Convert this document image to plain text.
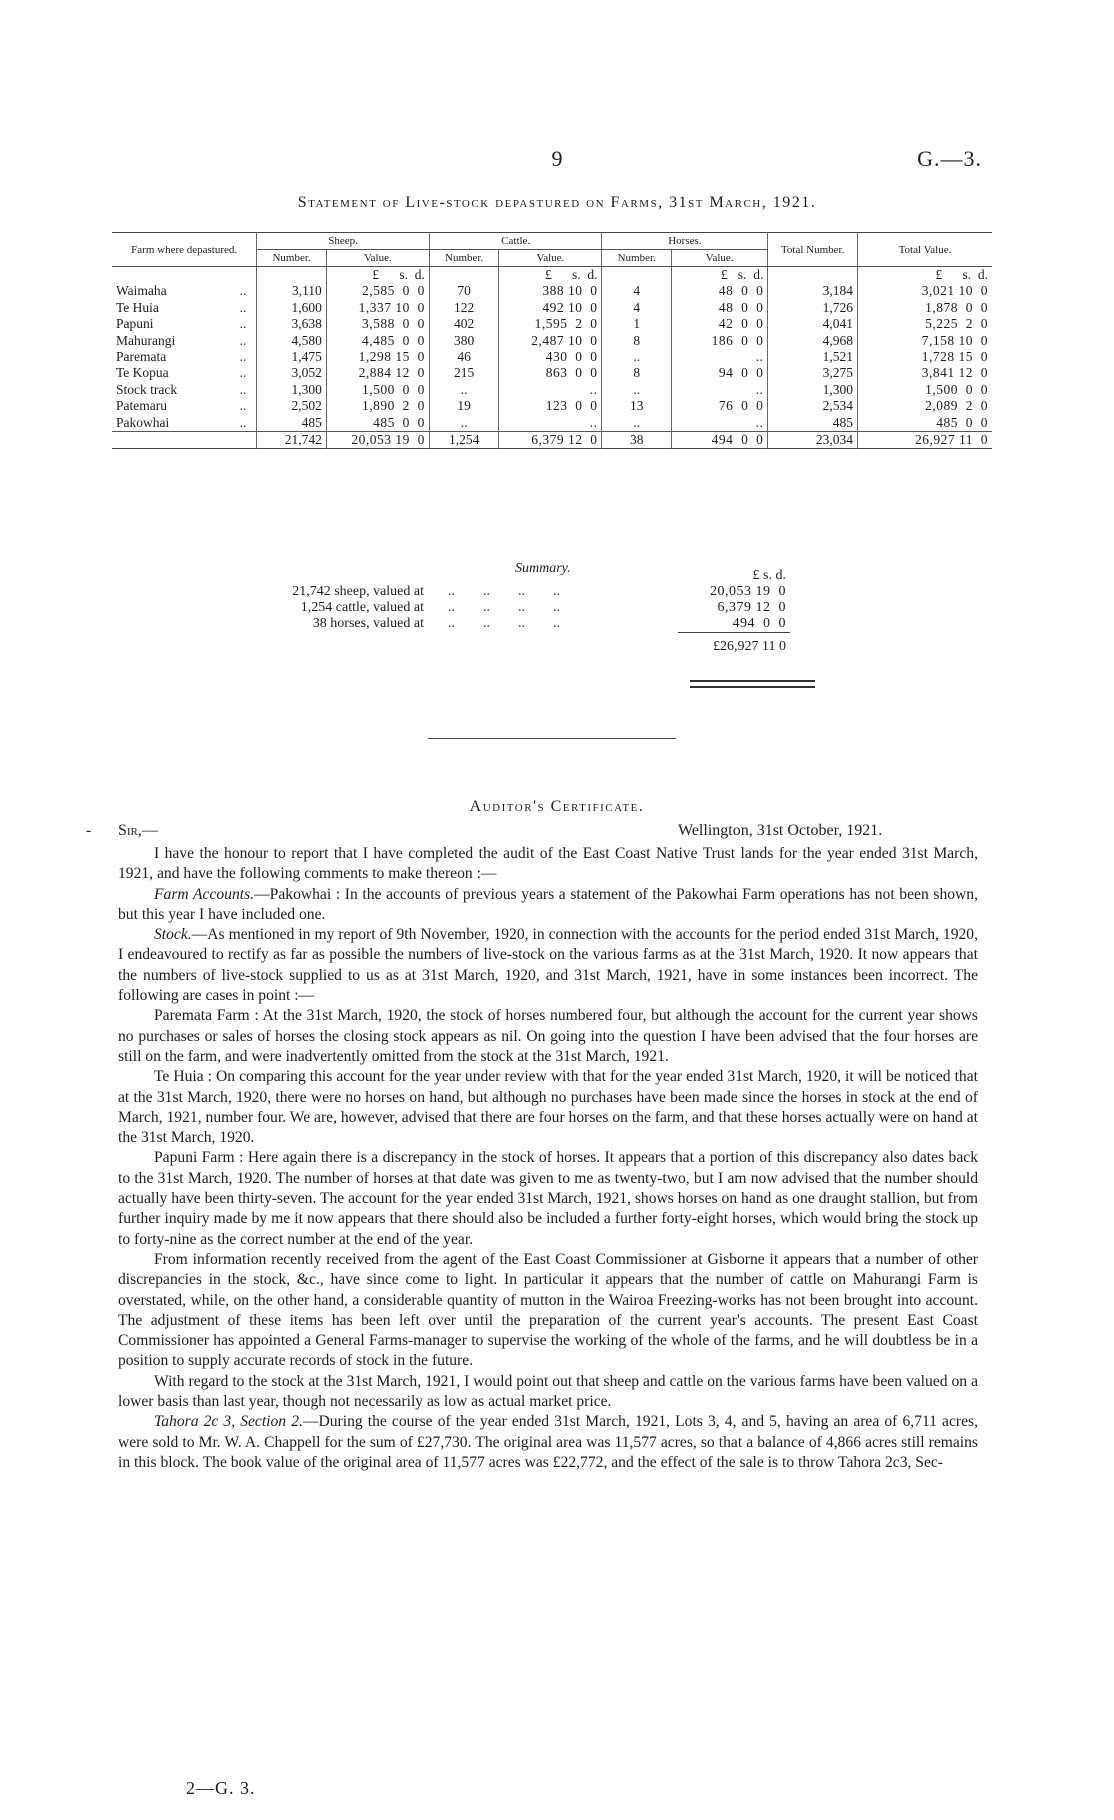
9	G.—3.
Statement of Live-stock depastured on Farms, 31st March, 1921.
Farm where depastured.		Sheep.		Cattle.		Horses.		Total Number.	Total Value.
		Number.	Value.	Number.	Value.	Number.	Value.		
			£ s. d.		£ s. d.		£ s. d.		£ s. d.
Waimaha	..	3,110	2,585  0  0	70	388 10  0	4	48  0  0	3,184	3,021 10  0
Te Huia	..	1,600	1,337 10  0	122	492 10  0	4	48  0  0	1,726	1,878  0  0
Papuni	..	3,638	3,588  0  0	402	1,595  2  0	1	42  0  0	4,041	5,225  2  0
Mahurangi	..	4,580	4,485  0  0	380	2,487 10  0	8	186  0  0	4,968	7,158 10  0
Paremata	..	1,475	1,298 15  0	46	430  0  0	..	..	1,521	1,728 15  0
Te Kopua	..	3,052	2,884 12  0	215	863  0  0	8	94  0  0	3,275	3,841 12  0
Stock track	..	1,300	1,500  0  0	..	..	..	..	1,300	1,500  0  0
Patemaru	..	2,502	1,890  2  0	19	123  0  0	13	76  0  0	2,534	2,089  2  0
Pakowhai	..	485	485  0  0	..	..	..	..	485	485  0  0
		21,742	20,053 19  0	1,254	6,379 12  0	38	494  0  0	23,034	26,927 11  0
Summary.
			£ s. d.
21,742 sheep, valued at	..        ..        ..        ..	20,053 19  0
1,254 cattle, valued at	..        ..        ..        ..	6,379 12  0
38 horses, valued at	..        ..        ..        ..	494  0  0
		£26,927 11 0
Auditor's Certificate.
- Sir,—	Wellington, 31st October, 1921.

I have the honour to report that I have completed the audit of the East Coast Native Trust lands for the year ended 31st March, 1921, and have the following comments to make thereon :—

Farm Accounts.—Pakowhai : In the accounts of previous years a statement of the Pakowhai Farm operations has not been shown, but this year I have included one.

Stock.—As mentioned in my report of 9th November, 1920, in connection with the accounts for the period ended 31st March, 1920, I endeavoured to rectify as far as possible the numbers of live-stock on the various farms as at the 31st March, 1920. It now appears that the numbers of live-stock supplied to us as at 31st March, 1920, and 31st March, 1921, have in some instances been incorrect. The following are cases in point :—

Paremata Farm : At the 31st March, 1920, the stock of horses numbered four, but although the account for the current year shows no purchases or sales of horses the closing stock appears as nil. On going into the question I have been advised that the four horses are still on the farm, and were inadvertently omitted from the stock at the 31st March, 1921.

Te Huia : On comparing this account for the year under review with that for the year ended 31st March, 1920, it will be noticed that at the 31st March, 1920, there were no horses on hand, but although no purchases have been made since the horses in stock at the end of March, 1921, number four. We are, however, advised that there are four horses on the farm, and that these horses actually were on hand at the 31st March, 1920.

Papuni Farm : Here again there is a discrepancy in the stock of horses. It appears that a portion of this discrepancy also dates back to the 31st March, 1920. The number of horses at that date was given to me as twenty-two, but I am now advised that the number should actually have been thirty-seven. The account for the year ended 31st March, 1921, shows horses on hand as one draught stallion, but from further inquiry made by me it now appears that there should also be included a further forty-eight horses, which would bring the stock up to forty-nine as the correct number at the end of the year.

From information recently received from the agent of the East Coast Commissioner at Gisborne it appears that a number of other discrepancies in the stock, &c., have since come to light. In particular it appears that the number of cattle on Mahurangi Farm is overstated, while, on the other hand, a considerable quantity of mutton in the Wairoa Freezing-works has not been brought into account. The adjustment of these items has been left over until the preparation of the current year's accounts. The present East Coast Commissioner has appointed a General Farms-manager to supervise the working of the whole of the farms, and he will doubtless be in a position to supply accurate records of stock in the future.

With regard to the stock at the 31st March, 1921, I would point out that sheep and cattle on the various farms have been valued on a lower basis than last year, though not necessarily as low as actual market price.

Tahora 2c 3, Section 2.—During the course of the year ended 31st March, 1921, Lots 3, 4, and 5, having an area of 6,711 acres, were sold to Mr. W. A. Chappell for the sum of £27,730. The original area was 11,577 acres, so that a balance of 4,866 acres still remains in this block. The book value of the original area of 11,577 acres was £22,772, and the effect of the sale is to throw Tahora 2c3, Sec-

2—G. 3.
